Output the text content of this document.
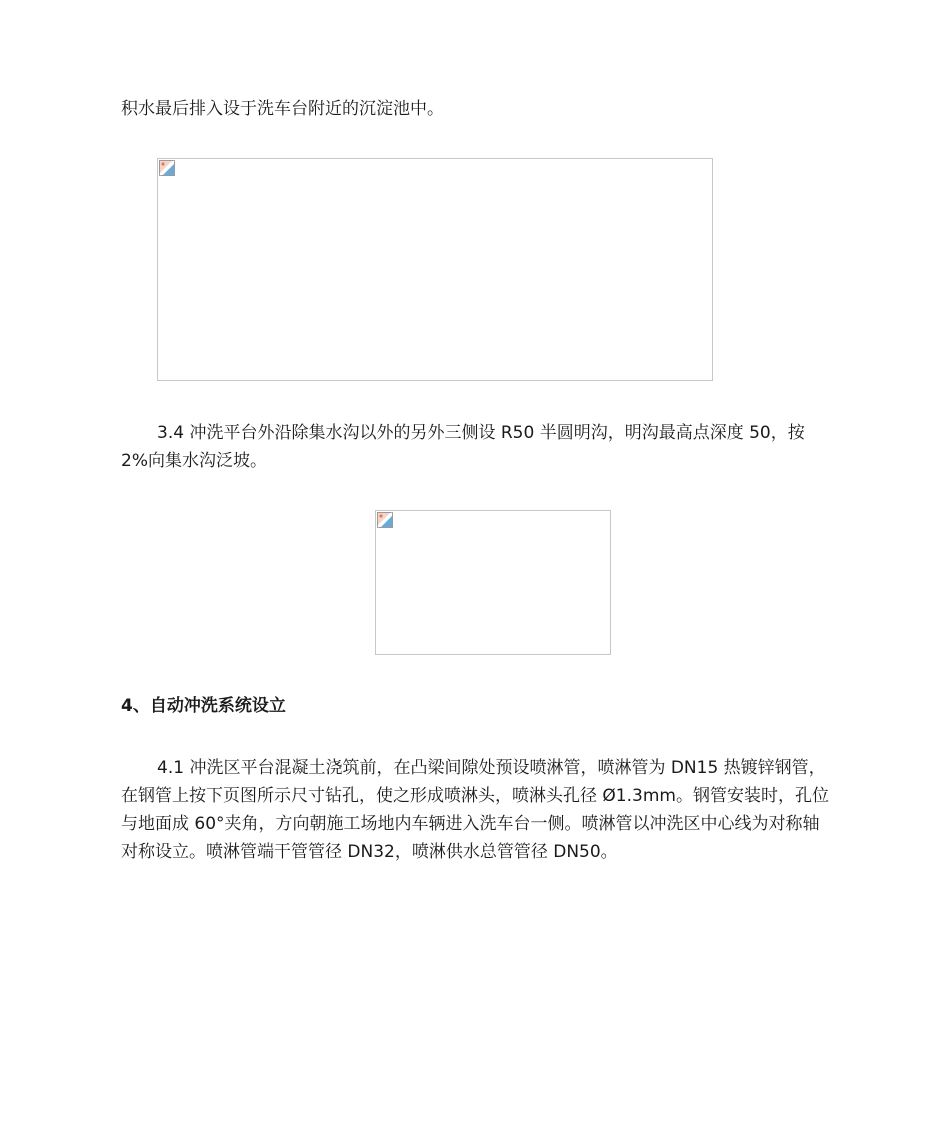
积水最后排入设于洗车台附近的沉淀池中。

3.4 冲洗平台外沿除集水沟以外的另外三侧设 R50 半圆明沟，明沟最高点深度 50，按 2%向集水沟泛坡。

4、自动冲洗系统设立

4.1 冲洗区平台混凝土浇筑前，在凸梁间隙处预设喷淋管，喷淋管为 DN15 热镀锌钢管，在钢管上按下页图所示尺寸钻孔，使之形成喷淋头，喷淋头孔径 Ø1.3mm。钢管安装时，孔位与地面成 60°夹角，方向朝施工场地内车辆进入洗车台一侧。喷淋管以冲洗区中心线为对称轴对称设立。喷淋管端干管管径 DN32，喷淋供水总管管径 DN50。
